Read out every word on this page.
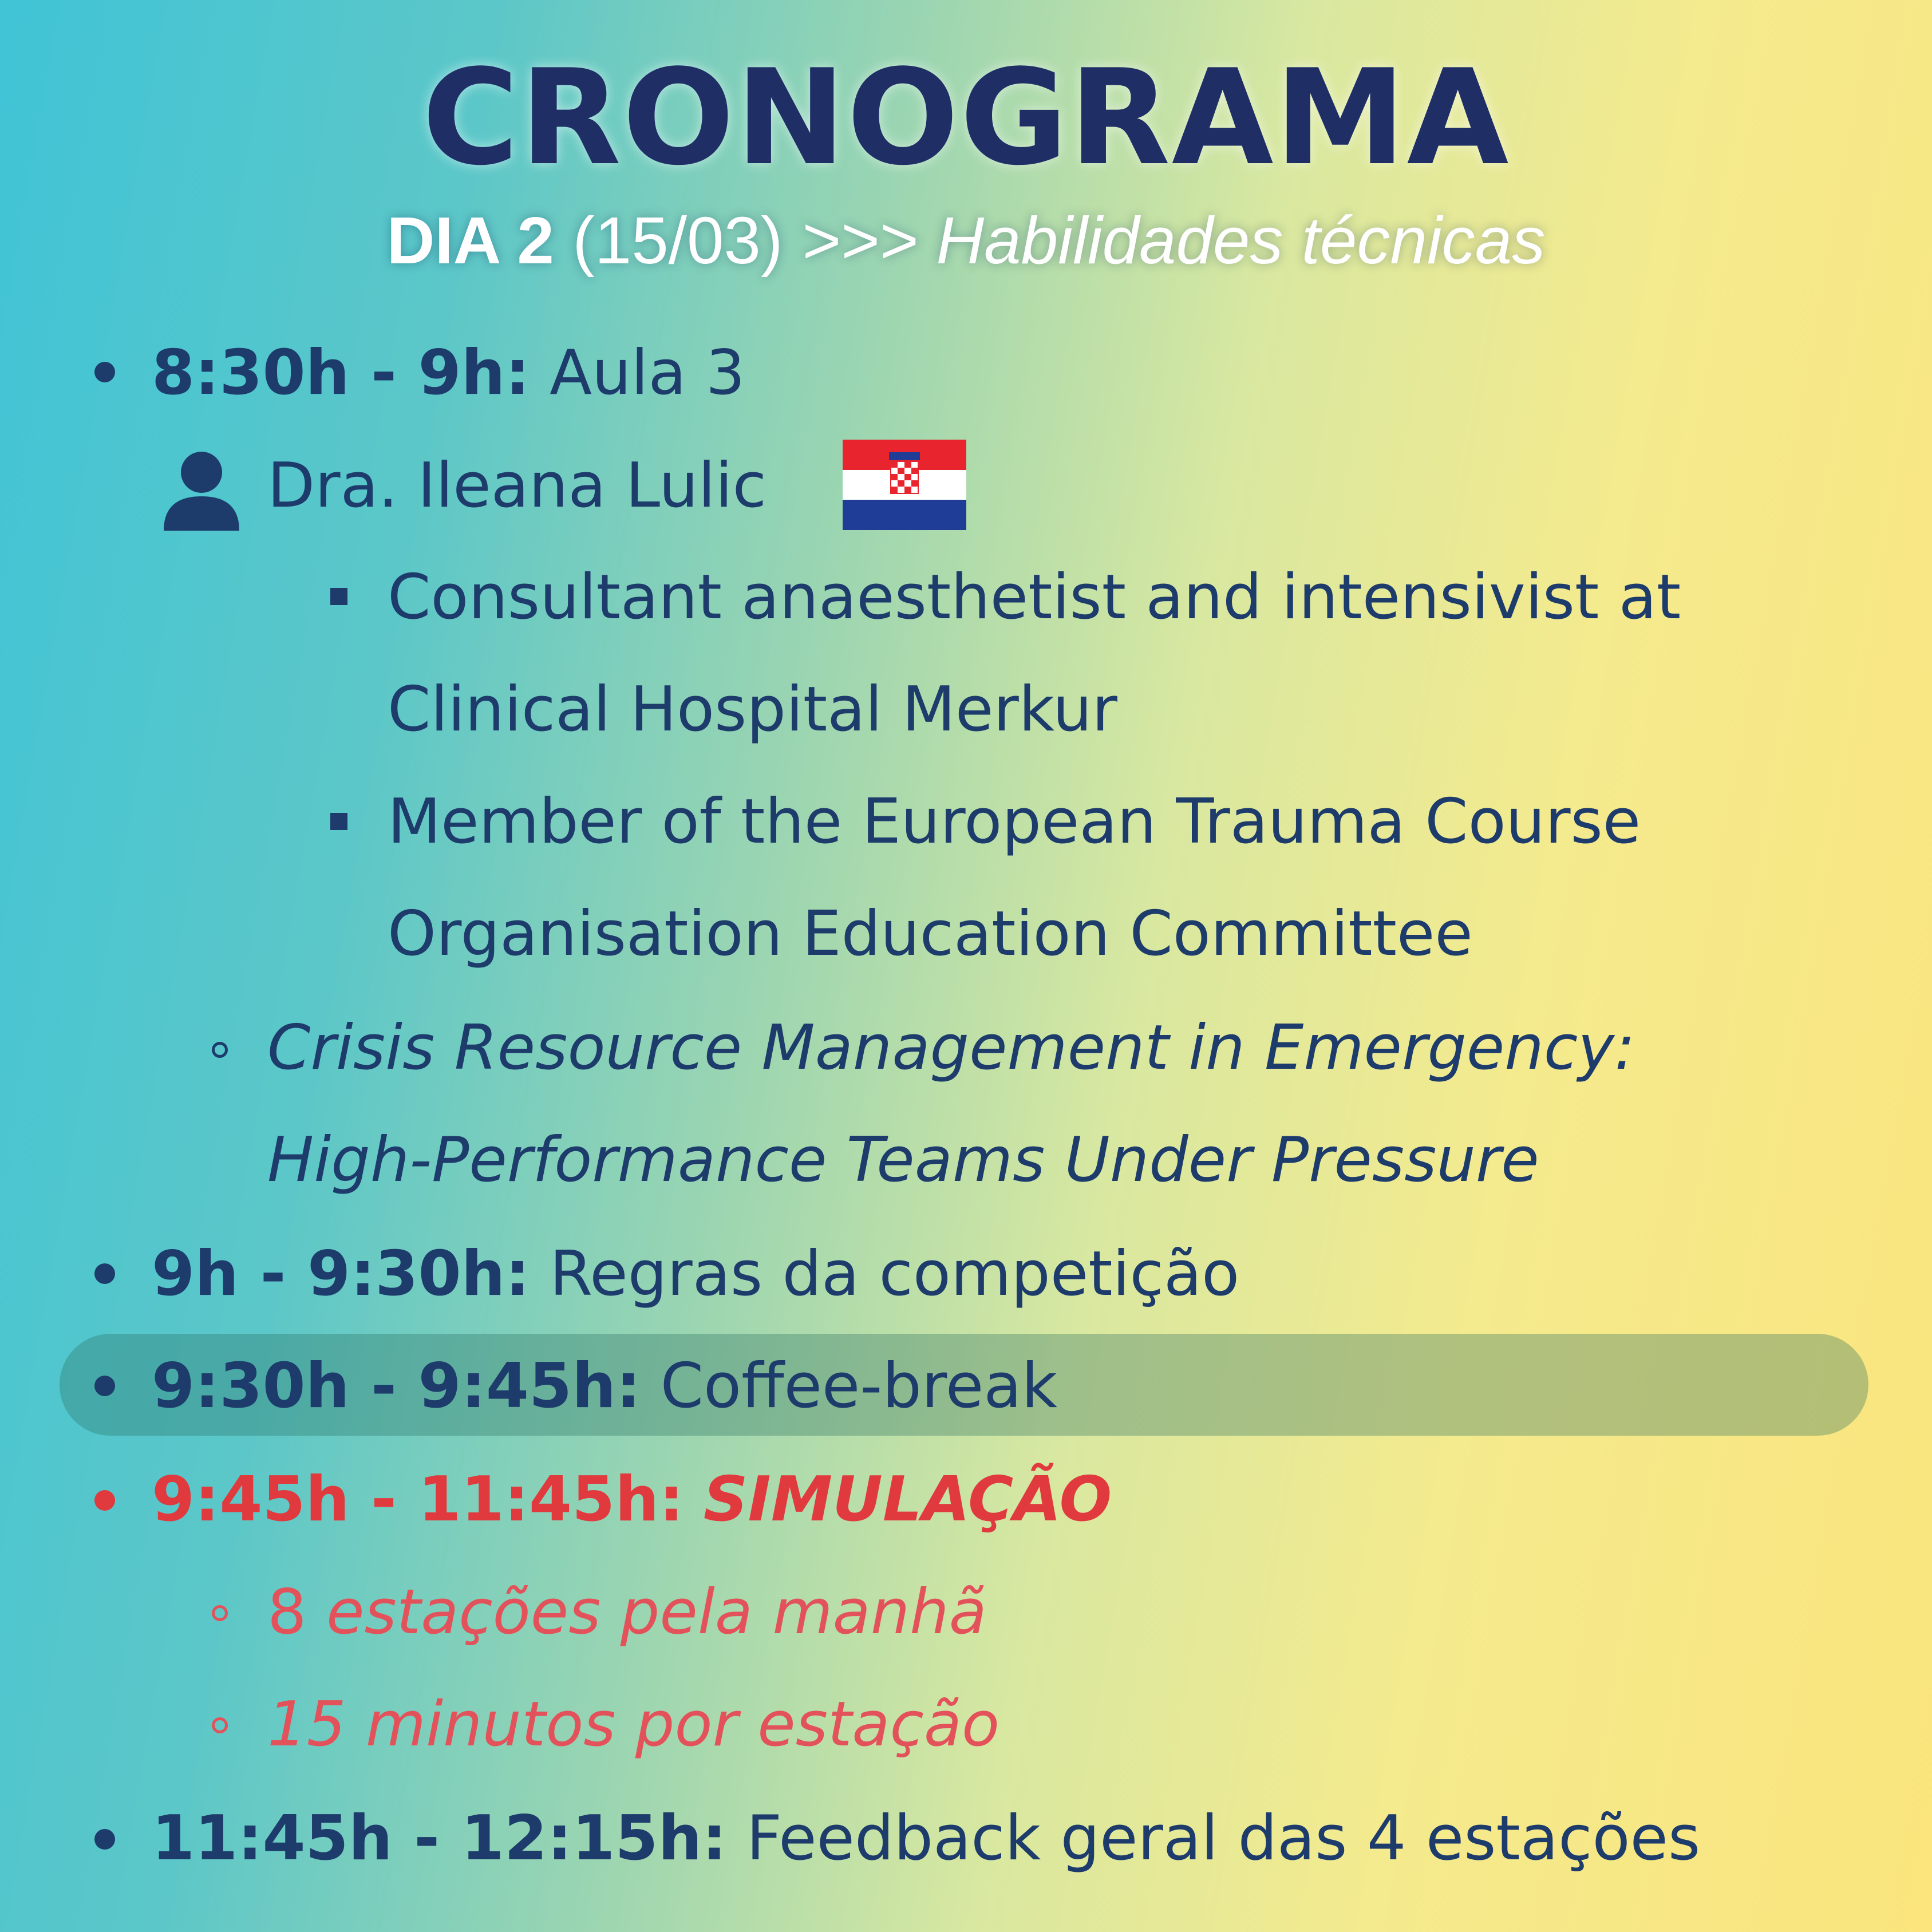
CRONOGRAMA
DIA 2 (15/03) >>> Habilidades técnicas
8:30h - 9h: Aula 3
Dra. Ileana Lulic
Consultant anaesthetist and intensivist at
Clinical Hospital Merkur
Member of the European Trauma Course
Organisation Education Committee
Crisis Resource Management in Emergency:
High-Performance Teams Under Pressure
9h - 9:30h: Regras da competição
9:30h - 9:45h: Coffee-break
9:45h - 11:45h: SIMULAÇÃO
8 estações pela manhã
15 minutos por estação
11:45h - 12:15h: Feedback geral das 4 estações
